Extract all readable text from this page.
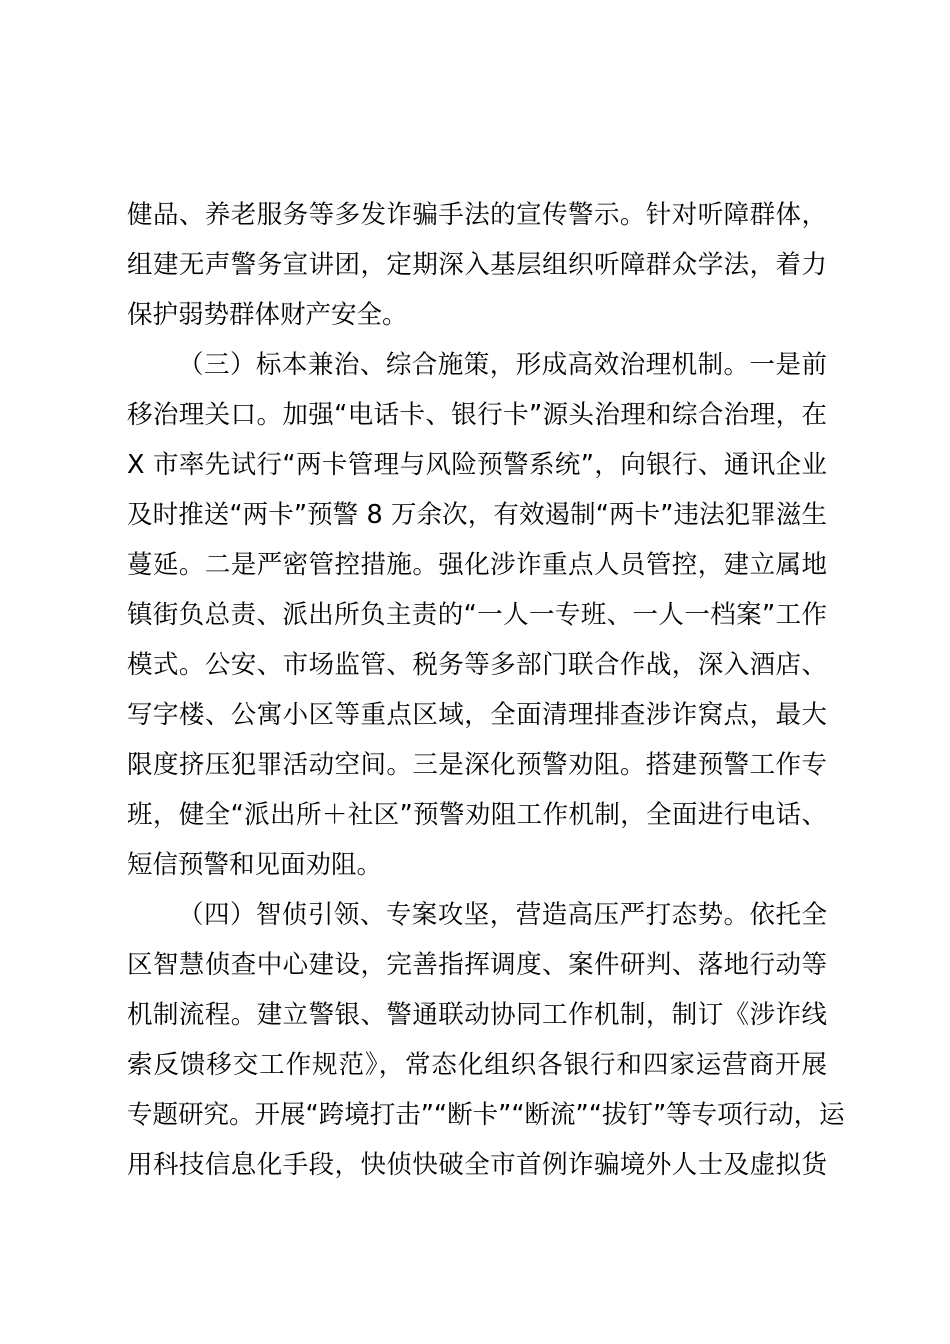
健品、养老服务等多发诈骗手法的宣传警示。针对听障群体，
组建无声警务宣讲团，定期深入基层组织听障群众学法，着力
保护弱势群体财产安全。
（三）标本兼治、综合施策，形成高效治理机制。一是前
移治理关口。加强“电话卡、银行卡”源头治理和综合治理，在
X 市率先试行“两卡管理与风险预警系统”，向银行、通讯企业
及时推送“两卡”预警 8 万余次，有效遏制“两卡”违法犯罪滋生
蔓延。二是严密管控措施。强化涉诈重点人员管控，建立属地
镇街负总责、派出所负主责的“一人一专班、一人一档案”工作
模式。公安、市场监管、税务等多部门联合作战，深入酒店、
写字楼、公寓小区等重点区域，全面清理排查涉诈窝点，最大
限度挤压犯罪活动空间。三是深化预警劝阻。搭建预警工作专
班，健全“派出所＋社区”预警劝阻工作机制，全面进行电话、
短信预警和见面劝阻。
（四）智侦引领、专案攻坚，营造高压严打态势。依托全
区智慧侦查中心建设，完善指挥调度、案件研判、落地行动等
机制流程。建立警银、警通联动协同工作机制，制订《涉诈线
索反馈移交工作规范》，常态化组织各银行和四家运营商开展
专题研究。开展“跨境打击”“断卡”“断流”“拔钉”等专项行动，运
用科技信息化手段，快侦快破全市首例诈骗境外人士及虚拟货
